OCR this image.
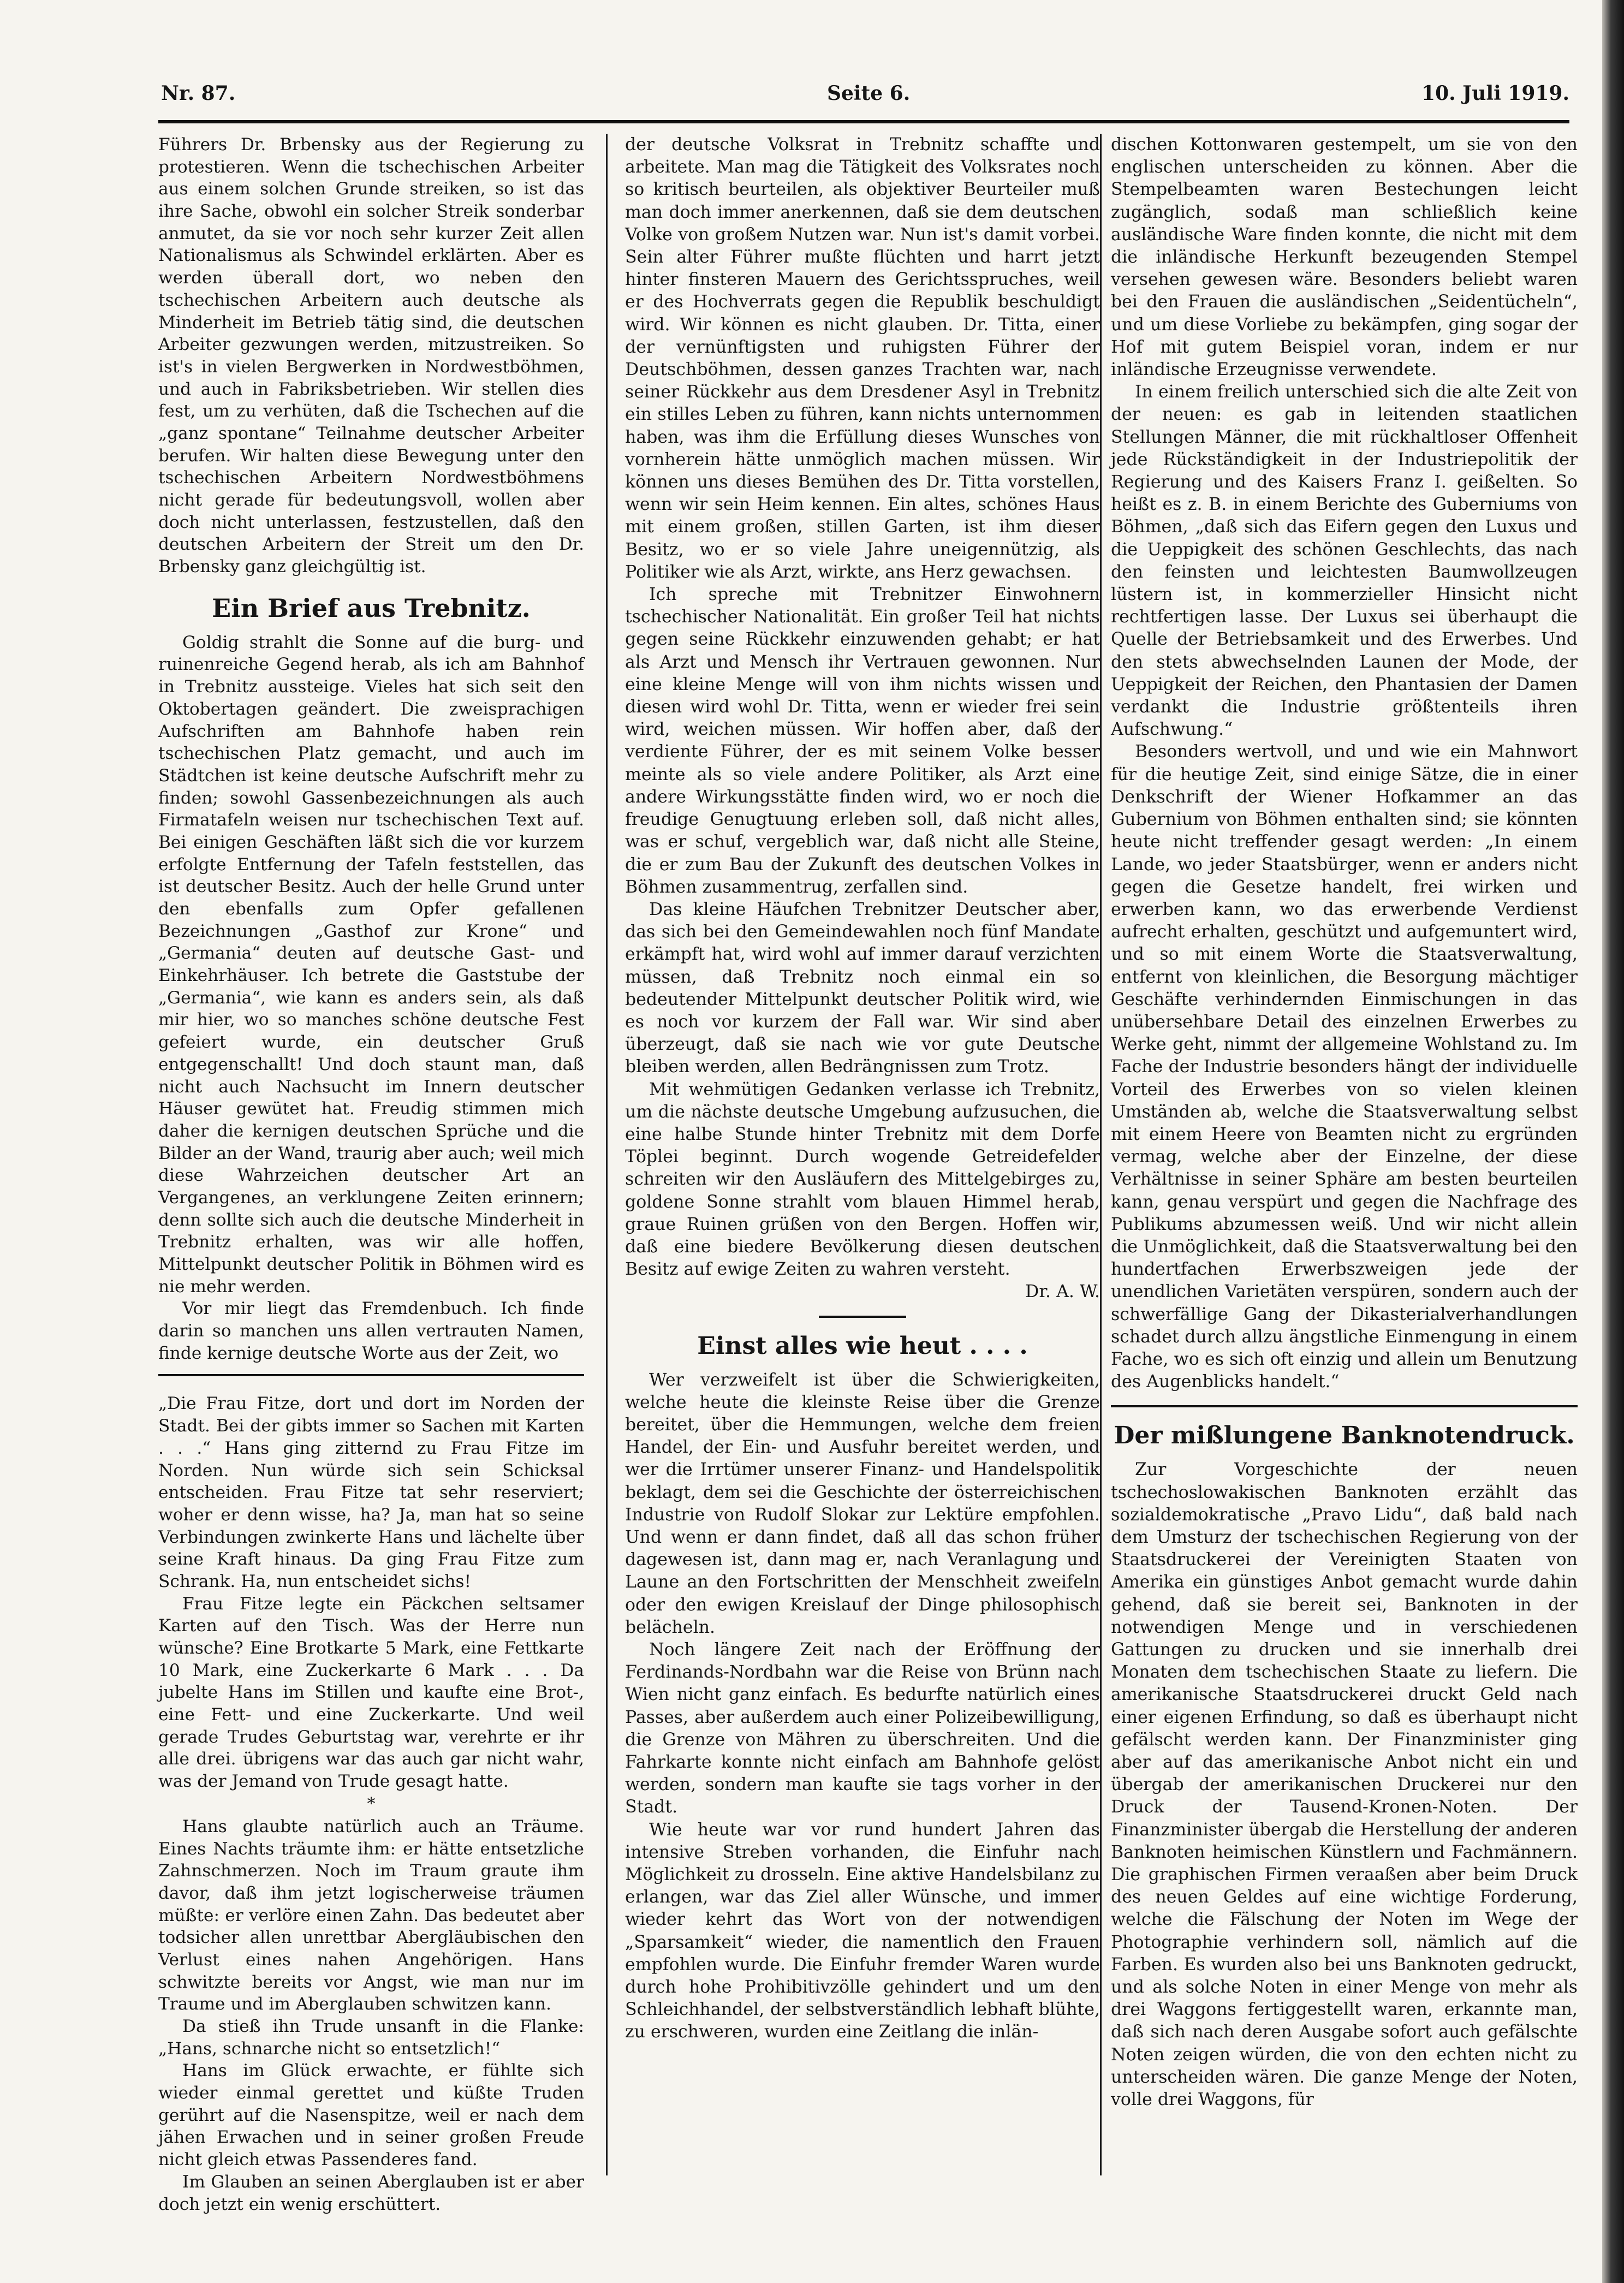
Nr. 87.	Seite 6.	10. Juli 1919.

Führers Dr. Brbensky aus der Regierung zu protestieren. Wenn die tschechischen Arbeiter aus einem solchen Grunde streiken, so ist das ihre Sache, obwohl ein solcher Streik sonderbar anmutet, da sie vor noch sehr kurzer Zeit allen Nationalismus als Schwindel erklärten. Aber es werden überall dort, wo neben den tschechischen Arbeitern auch deutsche als Minderheit im Betrieb tätig sind, die deutschen Arbeiter gezwungen werden, mitzustreiken. So ist's in vielen Bergwerken in Nordwestböhmen, und auch in Fabriksbetrieben. Wir stellen dies fest, um zu verhüten, daß die Tschechen auf die „ganz spontane“ Teilnahme deutscher Arbeiter berufen. Wir halten diese Bewegung unter den tschechischen Arbeitern Nordwestböhmens nicht gerade für bedeutungsvoll, wollen aber doch nicht unterlassen, festzustellen, daß den deutschen Arbeitern der Streit um den Dr. Brbensky ganz gleichgültig ist.

Ein Brief aus Trebnitz.

Goldig strahlt die Sonne auf die burg- und ruinenreiche Gegend herab, als ich am Bahnhof in Trebnitz aussteige. Vieles hat sich seit den Oktobertagen geändert. Die zweisprachigen Aufschriften am Bahnhofe haben rein tschechischen Platz gemacht, und auch im Städtchen ist keine deutsche Aufschrift mehr zu finden; sowohl Gassenbezeichnungen als auch Firmatafeln weisen nur tschechischen Text auf. Bei einigen Geschäften läßt sich die vor kurzem erfolgte Entfernung der Tafeln feststellen, das ist deutscher Besitz. Auch der helle Grund unter den ebenfalls zum Opfer gefallenen Bezeichnungen „Gasthof zur Krone“ und „Germania“ deuten auf deutsche Gast- und Einkehrhäuser. Ich betrete die Gaststube der „Germania“, wie kann es anders sein, als daß mir hier, wo so manches schöne deutsche Fest gefeiert wurde, ein deutscher Gruß entgegenschallt! Und doch staunt man, daß nicht auch Nachsucht im Innern deutscher Häuser gewütet hat. Freudig stimmen mich daher die kernigen deutschen Sprüche und die Bilder an der Wand, traurig aber auch; weil mich diese Wahrzeichen deutscher Art an Vergangenes, an verklungene Zeiten erinnern; denn sollte sich auch die deutsche Minderheit in Trebnitz erhalten, was wir alle hoffen, Mittelpunkt deutscher Politik in Böhmen wird es nie mehr werden.

Vor mir liegt das Fremdenbuch. Ich finde darin so manchen uns allen vertrauten Namen, finde kernige deutsche Worte aus der Zeit, wo

„Die Frau Fitze, dort und dort im Norden der Stadt. Bei der gibts immer so Sachen mit Karten . . .“ Hans ging zitternd zu Frau Fitze im Norden. Nun würde sich sein Schicksal entscheiden. Frau Fitze tat sehr reserviert; woher er denn wisse, ha? Ja, man hat so seine Verbindungen zwinkerte Hans und lächelte über seine Kraft hinaus. Da ging Frau Fitze zum Schrank. Ha, nun entscheidet sichs!

Frau Fitze legte ein Päckchen seltsamer Karten auf den Tisch. Was der Herre nun wünsche? Eine Brotkarte 5 Mark, eine Fettkarte 10 Mark, eine Zuckerkarte 6 Mark . . . Da jubelte Hans im Stillen und kaufte eine Brot-, eine Fett- und eine Zuckerkarte. Und weil gerade Trudes Geburtstag war, verehrte er ihr alle drei. übrigens war das auch gar nicht wahr, was der Jemand von Trude gesagt hatte.

*

Hans glaubte natürlich auch an Träume. Eines Nachts träumte ihm: er hätte entsetzliche Zahnschmerzen. Noch im Traum graute ihm davor, daß ihm jetzt logischerweise träumen müßte: er verlöre einen Zahn. Das bedeutet aber todsicher allen unrettbar Abergläubischen den Verlust eines nahen Angehörigen. Hans schwitzte bereits vor Angst, wie man nur im Traume und im Aberglauben schwitzen kann.

Da stieß ihn Trude unsanft in die Flanke: „Hans, schnarche nicht so entsetzlich!“

Hans im Glück erwachte, er fühlte sich wieder einmal gerettet und küßte Truden gerührt auf die Nasenspitze, weil er nach dem jähen Erwachen und in seiner großen Freude nicht gleich etwas Passenderes fand.

Im Glauben an seinen Aberglauben ist er aber doch jetzt ein wenig erschüttert.

der deutsche Volksrat in Trebnitz schaffte und arbeitete. Man mag die Tätigkeit des Volksrates noch so kritisch beurteilen, als objektiver Beurteiler muß man doch immer anerkennen, daß sie dem deutschen Volke von großem Nutzen war. Nun ist's damit vorbei. Sein alter Führer mußte flüchten und harrt jetzt hinter finsteren Mauern des Gerichtsspruches, weil er des Hochverrats gegen die Republik beschuldigt wird. Wir können es nicht glauben. Dr. Titta, einer der vernünftigsten und ruhigsten Führer der Deutschböhmen, dessen ganzes Trachten war, nach seiner Rückkehr aus dem Dresdener Asyl in Trebnitz ein stilles Leben zu führen, kann nichts unternommen haben, was ihm die Erfüllung dieses Wunsches von vornherein hätte unmöglich machen müssen. Wir können uns dieses Bemühen des Dr. Titta vorstellen, wenn wir sein Heim kennen. Ein altes, schönes Haus mit einem großen, stillen Garten, ist ihm dieser Besitz, wo er so viele Jahre uneigennützig, als Politiker wie als Arzt, wirkte, ans Herz gewachsen.

Ich spreche mit Trebnitzer Einwohnern tschechischer Nationalität. Ein großer Teil hat nichts gegen seine Rückkehr einzuwenden gehabt; er hat als Arzt und Mensch ihr Vertrauen gewonnen. Nur eine kleine Menge will von ihm nichts wissen und diesen wird wohl Dr. Titta, wenn er wieder frei sein wird, weichen müssen. Wir hoffen aber, daß der verdiente Führer, der es mit seinem Volke besser meinte als so viele andere Politiker, als Arzt eine andere Wirkungsstätte finden wird, wo er noch die freudige Genugtuung erleben soll, daß nicht alles, was er schuf, vergeblich war, daß nicht alle Steine, die er zum Bau der Zukunft des deutschen Volkes in Böhmen zusammentrug, zerfallen sind.

Das kleine Häufchen Trebnitzer Deutscher aber, das sich bei den Gemeindewahlen noch fünf Mandate erkämpft hat, wird wohl auf immer darauf verzichten müssen, daß Trebnitz noch einmal ein so bedeutender Mittelpunkt deutscher Politik wird, wie es noch vor kurzem der Fall war. Wir sind aber überzeugt, daß sie nach wie vor gute Deutsche bleiben werden, allen Bedrängnissen zum Trotz.

Mit wehmütigen Gedanken verlasse ich Trebnitz, um die nächste deutsche Umgebung aufzusuchen, die eine halbe Stunde hinter Trebnitz mit dem Dorfe Töplei beginnt. Durch wogende Getreidefelder schreiten wir den Ausläufern des Mittelgebirges zu, goldene Sonne strahlt vom blauen Himmel herab, graue Ruinen grüßen von den Bergen. Hoffen wir, daß eine biedere Bevölkerung diesen deutschen Besitz auf ewige Zeiten zu wahren versteht.

Dr. A. W.

Einst alles wie heut . . . .

Wer verzweifelt ist über die Schwierigkeiten, welche heute die kleinste Reise über die Grenze bereitet, über die Hemmungen, welche dem freien Handel, der Ein- und Ausfuhr bereitet werden, und wer die Irrtümer unserer Finanz- und Handelspolitik beklagt, dem sei die Geschichte der österreichischen Industrie von Rudolf Slokar zur Lektüre empfohlen. Und wenn er dann findet, daß all das schon früher dagewesen ist, dann mag er, nach Veranlagung und Laune an den Fortschritten der Menschheit zweifeln oder den ewigen Kreislauf der Dinge philosophisch belächeln.

Noch längere Zeit nach der Eröffnung der Ferdinands-Nordbahn war die Reise von Brünn nach Wien nicht ganz einfach. Es bedurfte natürlich eines Passes, aber außerdem auch einer Polizeibewilligung, die Grenze von Mähren zu überschreiten. Und die Fahrkarte konnte nicht einfach am Bahnhofe gelöst werden, sondern man kaufte sie tags vorher in der Stadt.

Wie heute war vor rund hundert Jahren das intensive Streben vorhanden, die Einfuhr nach Möglichkeit zu drosseln. Eine aktive Handelsbilanz zu erlangen, war das Ziel aller Wünsche, und immer wieder kehrt das Wort von der notwendigen „Sparsamkeit“ wieder, die namentlich den Frauen empfohlen wurde. Die Einfuhr fremder Waren wurde durch hohe Prohibitivzölle gehindert und um den Schleichhandel, der selbstverständlich lebhaft blühte, zu erschweren, wurden eine Zeitlang die inlän-

dischen Kottonwaren gestempelt, um sie von den englischen unterscheiden zu können. Aber die Stempelbeamten waren Bestechungen leicht zugänglich, sodaß man schließlich keine ausländische Ware finden konnte, die nicht mit dem die inländische Herkunft bezeugenden Stempel versehen gewesen wäre. Besonders beliebt waren bei den Frauen die ausländischen „Seidentücheln“, und um diese Vorliebe zu bekämpfen, ging sogar der Hof mit gutem Beispiel voran, indem er nur inländische Erzeugnisse verwendete.

In einem freilich unterschied sich die alte Zeit von der neuen: es gab in leitenden staatlichen Stellungen Männer, die mit rückhaltloser Offenheit jede Rückständigkeit in der Industriepolitik der Regierung und des Kaisers Franz I. geißelten. So heißt es z. B. in einem Berichte des Guberniums von Böhmen, „daß sich das Eifern gegen den Luxus und die Ueppigkeit des schönen Geschlechts, das nach den feinsten und leichtesten Baumwollzeugen lüstern ist, in kommerzieller Hinsicht nicht rechtfertigen lasse. Der Luxus sei überhaupt die Quelle der Betriebsamkeit und des Erwerbes. Und den stets abwechselnden Launen der Mode, der Ueppigkeit der Reichen, den Phantasien der Damen verdankt die Industrie größtenteils ihren Aufschwung.“

Besonders wertvoll, und und wie ein Mahnwort für die heutige Zeit, sind einige Sätze, die in einer Denkschrift der Wiener Hofkammer an das Gubernium von Böhmen enthalten sind; sie könnten heute nicht treffender gesagt werden: „In einem Lande, wo jeder Staatsbürger, wenn er anders nicht gegen die Gesetze handelt, frei wirken und erwerben kann, wo das erwerbende Verdienst aufrecht erhalten, geschützt und aufgemuntert wird, und so mit einem Worte die Staatsverwaltung, entfernt von kleinlichen, die Besorgung mächtiger Geschäfte verhindernden Einmischungen in das unübersehbare Detail des einzelnen Erwerbes zu Werke geht, nimmt der allgemeine Wohlstand zu. Im Fache der Industrie besonders hängt der individuelle Vorteil des Erwerbes von so vielen kleinen Umständen ab, welche die Staatsverwaltung selbst mit einem Heere von Beamten nicht zu ergründen vermag, welche aber der Einzelne, der diese Verhältnisse in seiner Sphäre am besten beurteilen kann, genau verspürt und gegen die Nachfrage des Publikums abzumessen weiß. Und wir nicht allein die Unmöglichkeit, daß die Staatsverwaltung bei den hundertfachen Erwerbszweigen jede der unendlichen Varietäten verspüren, sondern auch der schwerfällige Gang der Dikasterialverhandlungen schadet durch allzu ängstliche Einmengung in einem Fache, wo es sich oft einzig und allein um Benutzung des Augenblicks handelt.“

Der mißlungene Banknotendruck.

Zur Vorgeschichte der neuen tschechoslowakischen Banknoten erzählt das sozialdemokratische „Pravo Lidu“, daß bald nach dem Umsturz der tschechischen Regierung von der Staatsdruckerei der Vereinigten Staaten von Amerika ein günstiges Anbot gemacht wurde dahin gehend, daß sie bereit sei, Banknoten in der notwendigen Menge und in verschiedenen Gattungen zu drucken und sie innerhalb drei Monaten dem tschechischen Staate zu liefern. Die amerikanische Staatsdruckerei druckt Geld nach einer eigenen Erfindung, so daß es überhaupt nicht gefälscht werden kann. Der Finanzminister ging aber auf das amerikanische Anbot nicht ein und übergab der amerikanischen Druckerei nur den Druck der Tausend-Kronen-Noten. Der Finanzminister übergab die Herstellung der anderen Banknoten heimischen Künstlern und Fachmännern. Die graphischen Firmen veraaßen aber beim Druck des neuen Geldes auf eine wichtige Forderung, welche die Fälschung der Noten im Wege der Photographie verhindern soll, nämlich auf die Farben. Es wurden also bei uns Banknoten gedruckt, und als solche Noten in einer Menge von mehr als drei Waggons fertiggestellt waren, erkannte man, daß sich nach deren Ausgabe sofort auch gefälschte Noten zeigen würden, die von den echten nicht zu unterscheiden wären. Die ganze Menge der Noten, volle drei Waggons, für
